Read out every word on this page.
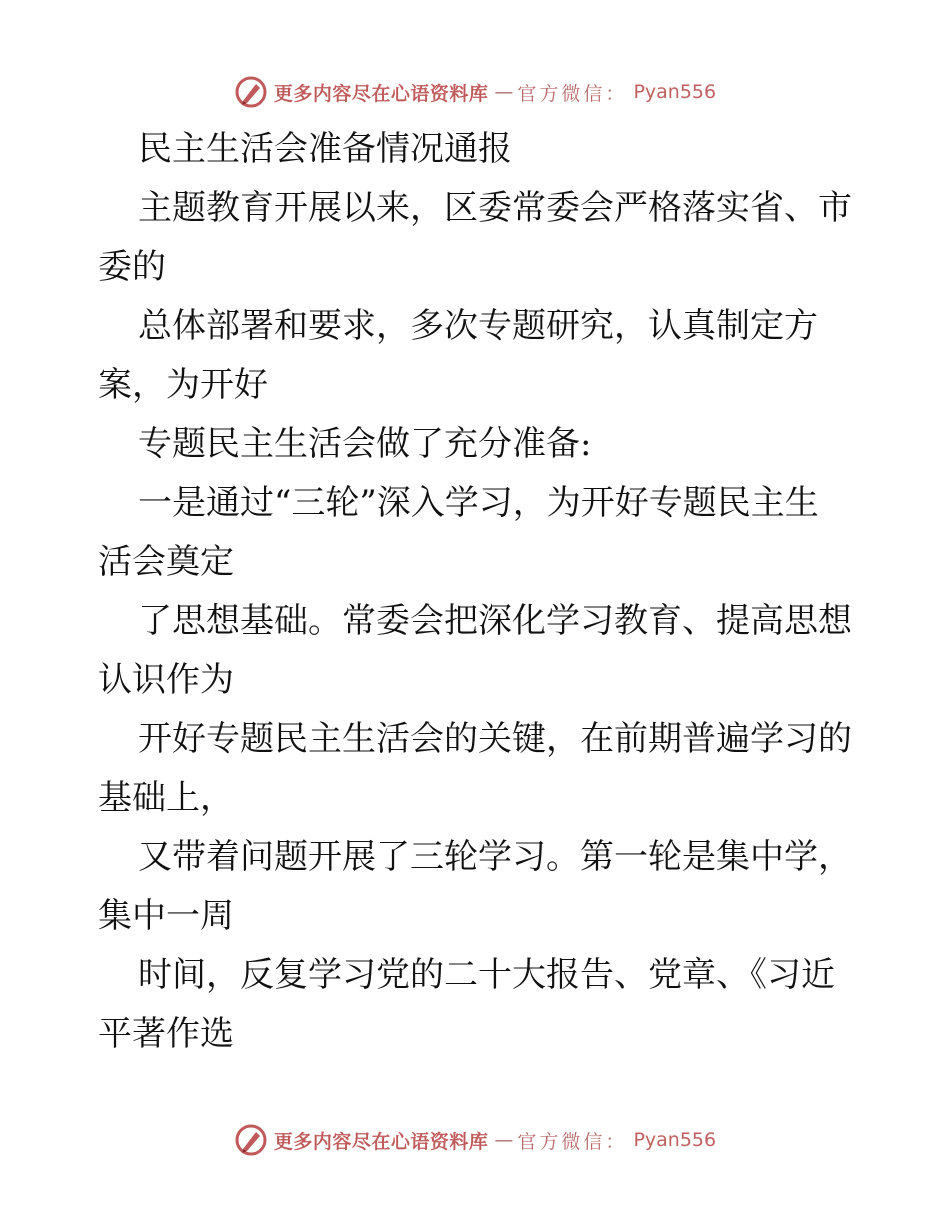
更多内容尽在心语资料库 — 官方微信： Pyan556
民主生活会准备情况通报
主题教育开展以来，区委常委会严格落实省、市
委的
总体部署和要求，多次专题研究，认真制定方
案，为开好
专题民主生活会做了充分准备:
一是通过“三轮”深入学习，为开好专题民主生
活会奠定
了思想基础。常委会把深化学习教育、提高思想
认识作为
开好专题民主生活会的关键，在前期普遍学习的
基础上，
又带着问题开展了三轮学习。第一轮是集中学，
集中一周
时间，反复学习党的二十大报告、党章、《习近
平著作选
更多内容尽在心语资料库 — 官方微信： Pyan556
